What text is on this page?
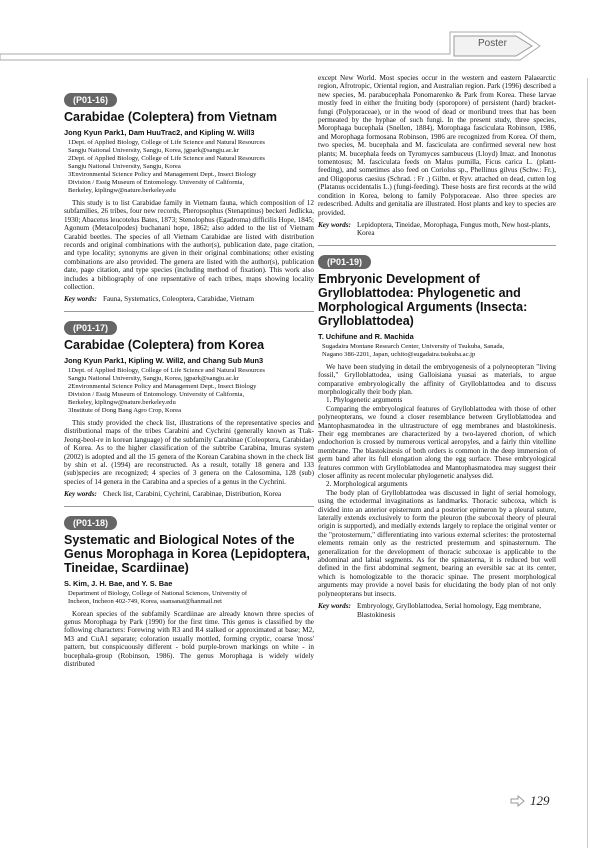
Poster
(P01-16)
Carabidae (Coleptera) from Vietnam
Jong Kyun Park1, Dam HuuTrac2, and Kipling W. Will3
1Dept. of Applied Biology, College of Life Science and Natural Resources
Sangju National University, Sangju, Korea, jgpark@sangju.ac.kr
2Dept. of Applied Biology, College of Life Science and Natural Resources
Sangju National University, Sangju, Korea
3Environmental Science Policy and Management Dept., Insect Biology
Division / Essig Museum of Entomology. University of California,
Berkeley, kiplingw@nature.berkeley.edu

This study is to list Carabidae family in Vietnam fauna, which composition of 12 subfamilies, 26 tribes, four new records, Pheropsophus (Stenaptinus) beckeri Jedlicka, 1930; Abacetus leucotelus Bates, 1873; Stenolophus (Egadroma) difficilis Hope, 1845; Agonum (Metacolpodes) buchanani hope, 1862; also added to the list of Vietnam Carabid beetles. The species of all Vietnam Carabidae are listed with distribution records and original combinations with the author(s), publication date, page citation, and type locality; synonyms are given in their original combinations; other existing combinations are also provided. The genera are listed with the author(s), publication date, page citation, and type species (including method of fixation). This work also includes a bibliography of one repsentative of each tribes, maps showing locality collection.

Key words: Fauna, Systematics, Coleoptera, Carabidae, Vietnam
(P01-17)
Carabidae (Coleptera) from Korea
Jong Kyun Park1, Kipling W. Will2, and Chang Sub Mun3
1Dept. of Applied Biology, College of Life Science and Natural Resources
Sangju National University, Sangju, Korea, jgpark@sangju.ac.kr
2Environmental Science Policy and Management Dept., Insect Biology
Division / Essig Museum of Entomology. University of California,
Berkeley, kiplingw@nature.berkeley.edu
3Institute of Dong Bang Agro Crop, Korea

This study provided the check list, illustrations of the representative species and distributional maps of the tribes Carabini and Cychrini (generally known as Ttak-Jeong-beol-re in korean language) of the subfamily Carabinae (Coleoptera, Carabidae) of Korea. As to the higher classification of the subtribe Carabina, Imuras system (2002) is adopted and all the 15 genera of the Korean Carabina shown in the check list by shin et al. (1994) are reconstructed. As a result, totally 18 genera and 133 (sub)species are recognized; 4 species of 3 genera on the Calosomina, 128 (sub) species of 14 genera in the Carabina and a species of a genus in the Cychrini.

Key words: Check list, Carabini, Cychrini, Carabinae, Distribution, Korea
(P01-18)
Systematic and Biological Notes of the Genus Morophaga in Korea (Lepidoptera, Tineidae, Scardiinae)
S. Kim, J. H. Bae, and Y. S. Bae
Department of Biology, College of National Sciences, University of
Incheon, Incheon 402-749, Korea, ssansanai@hanmail.net

Korean species of the subfamily Scardiinae are already known three species of genus Morophaga by Park (1990) for the first time. This genus is classified by the following characters: Forewing with R3 and R4 stalked or approximated at base; M2, M3 and CuA1 separate; coloration usually mottled, forming cryptic, coarse 'moss' pattern, but conspicuously different - bold purple-brown markings on white - in bucephala-group (Robinson, 1986). The genus Morophaga is widely widely distributed

except New World. Most species occur in the western and eastern Palaearctic region, Afrotropic, Oriental region, and Australian region. Park (1996) described a new species, M. parabucephala Ponomarenko & Park from Korea. These larvae mostly feed in either the fruiting body (sporopore) of persistent (hard) bracket-fungi (Polyporaceae), or in the wood of dead or moribund trees that has been permeated by the hyphae of such fungi. In the present study, three species, Morophaga bucephala (Snellen, 1884), Morophaga fasciculata Robinson, 1986, and Morophaga formosana Robinson, 1986 are recognized from Korea. Of them, two species, M. bucephala and M. fasciculata are confirmed several new host plants; M. bucephala feeds on Tyromyces sambuceus (Lloyd) Imaz. and Inonotus tomentosus; M. fasciculata feeds on Malus pumilla, Ficus carica L. (plant-feeding), and sometimes also feed on Coriolus sp., Phellinus gilvus (Schw.: Fr.), and Oligoporus caesius (Schrad. : Fr .) Gilbn. et Ryv. attached on dead, cutten log (Platanus occidentalis L.) (fungi-feeding). These hosts are first records at the wild condition in Korea, belong to family Polyporaceae. Also three species are redescribed. Adults and genitalia are illustrated. Host plants and key to species are provided.

Key words: Lepidoptera, Tineidae, Morophaga, Fungus moth, New host-plants, Korea
(P01-19)
Embryonic Development of Grylloblattodea: Phylogenetic and Morphological Arguments (Insecta: Grylloblattodea)
T. Uchifune and R. Machida
Sugadaira Montane Research Center, University of Tsukuba, Sanada,
Nagano 386-2201, Japan, uchito@sugadaira.tsukuba.ac.jp

We have been studying in detail the embryogenesis of a polyneopteran "living fossil," Grylloblattodea, using Galloisiana yuasai as materials, to argue comparative embryologically the affinity of Grylloblattodea and to discuss morphologically their body plan.

1. Phylogenetic arguments

Comparing the embryological features of Grylloblattodea with those of other polyneopterans, we found a closer resemblance between Grylloblattodea and Mantophasmatodea in the ultrastructure of egg membranes and blastokinesis. Their egg membranes are characterized by a two-layered chorion, of which endochorion is crossed by numerous vertical aeropyles, and a fairly thin vitelline membrane. The blastokinesis of both orders is common in the deep immersion of germ band after its full elongation along the egg surface. These embryological features common with Grylloblattodea and Mantophasmatodea may suggest their closer affinity as recent molecular phylogenetic analyses did.

2. Morphological arguments

The body plan of Grylloblattodea was discussed in light of serial homology, using the ectodermal invaginations as landmarks. Thoracic subcoxa, which is divided into an anterior episternum and a posterior epimeron by a pleural suture, laterally extends exclusively to form the pleuron (the subcoxal theory of pleural origin is supported), and medially extends largely to replace the original venter or the "protosternum," differentiating into various external sclerites: the protosternal elements remain only as the restricted presternum and spinasternum. The generalization for the development of thoracic subcoxae is applicable to the abdominal and labial segments. As for the spinasterna, it is reduced but well defined in the first abdominal segment, bearing an eversible sac at its center, which is homologizable to the thoracic spinae. The present morphological arguments may provide a novel basis for elucidating the body plan of not only polyneopterans but insects.

Key words: Embryology, Grylloblattodea, Serial homology, Egg membrane, Blastokinesis
129
